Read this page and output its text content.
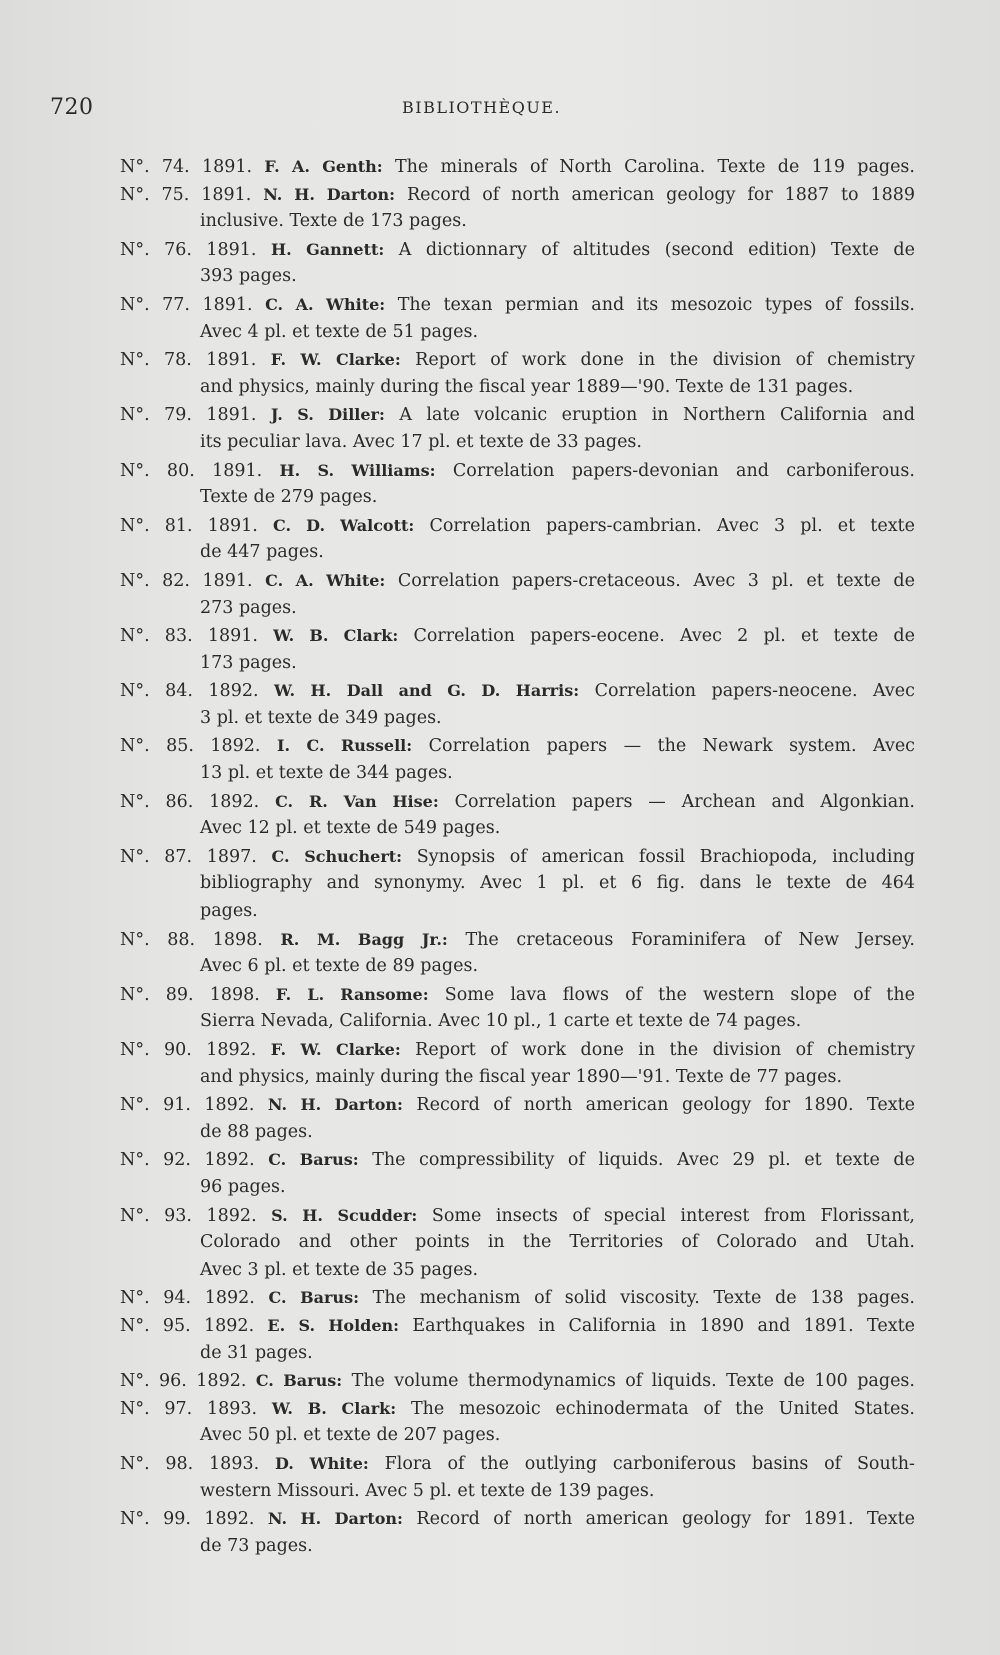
720	BIBLIOTHÈQUE.
N°. 74. 1891. F. A. Genth: The minerals of North Carolina. Texte de 119 pages.
N°. 75. 1891. N. H. Darton: Record of north american geology for 1887 to 1889
inclusive. Texte de 173 pages.
N°. 76. 1891. H. Gannett: A dictionnary of altitudes (second edition) Texte de
393 pages.
N°. 77. 1891. C. A. White: The texan permian and its mesozoic types of fossils.
Avec 4 pl. et texte de 51 pages.
N°. 78. 1891. F. W. Clarke: Report of work done in the division of chemistry
and physics, mainly during the fiscal year 1889—'90. Texte de 131 pages.
N°. 79. 1891. J. S. Diller: A late volcanic eruption in Northern California and
its peculiar lava. Avec 17 pl. et texte de 33 pages.
N°. 80. 1891. H. S. Williams: Correlation papers-devonian and carboniferous.
Texte de 279 pages.
N°. 81. 1891. C. D. Walcott: Correlation papers-cambrian. Avec 3 pl. et texte
de 447 pages.
N°. 82. 1891. C. A. White: Correlation papers-cretaceous. Avec 3 pl. et texte de
273 pages.
N°. 83. 1891. W. B. Clark: Correlation papers-eocene. Avec 2 pl. et texte de
173 pages.
N°. 84. 1892. W. H. Dall and G. D. Harris: Correlation papers-neocene. Avec
3 pl. et texte de 349 pages.
N°. 85. 1892. I. C. Russell: Correlation papers — the Newark system. Avec
13 pl. et texte de 344 pages.
N°. 86. 1892. C. R. Van Hise: Correlation papers — Archean and Algonkian.
Avec 12 pl. et texte de 549 pages.
N°. 87. 1897. C. Schuchert: Synopsis of american fossil Brachiopoda, including
bibliography and synonymy. Avec 1 pl. et 6 fig. dans le texte de 464
pages.
N°. 88. 1898. R. M. Bagg Jr.: The cretaceous Foraminifera of New Jersey.
Avec 6 pl. et texte de 89 pages.
N°. 89. 1898. F. L. Ransome: Some lava flows of the western slope of the
Sierra Nevada, California. Avec 10 pl., 1 carte et texte de 74 pages.
N°. 90. 1892. F. W. Clarke: Report of work done in the division of chemistry
and physics, mainly during the fiscal year 1890—'91. Texte de 77 pages.
N°. 91. 1892. N. H. Darton: Record of north american geology for 1890. Texte
de 88 pages.
N°. 92. 1892. C. Barus: The compressibility of liquids. Avec 29 pl. et texte de
96 pages.
N°. 93. 1892. S. H. Scudder: Some insects of special interest from Florissant,
Colorado and other points in the Territories of Colorado and Utah.
Avec 3 pl. et texte de 35 pages.
N°. 94. 1892. C. Barus: The mechanism of solid viscosity. Texte de 138 pages.
N°. 95. 1892. E. S. Holden: Earthquakes in California in 1890 and 1891. Texte
de 31 pages.
N°. 96. 1892. C. Barus: The volume thermodynamics of liquids. Texte de 100 pages.
N°. 97. 1893. W. B. Clark: The mesozoic echinodermata of the United States.
Avec 50 pl. et texte de 207 pages.
N°. 98. 1893. D. White: Flora of the outlying carboniferous basins of South-
western Missouri. Avec 5 pl. et texte de 139 pages.
N°. 99. 1892. N. H. Darton: Record of north american geology for 1891. Texte
de 73 pages.
